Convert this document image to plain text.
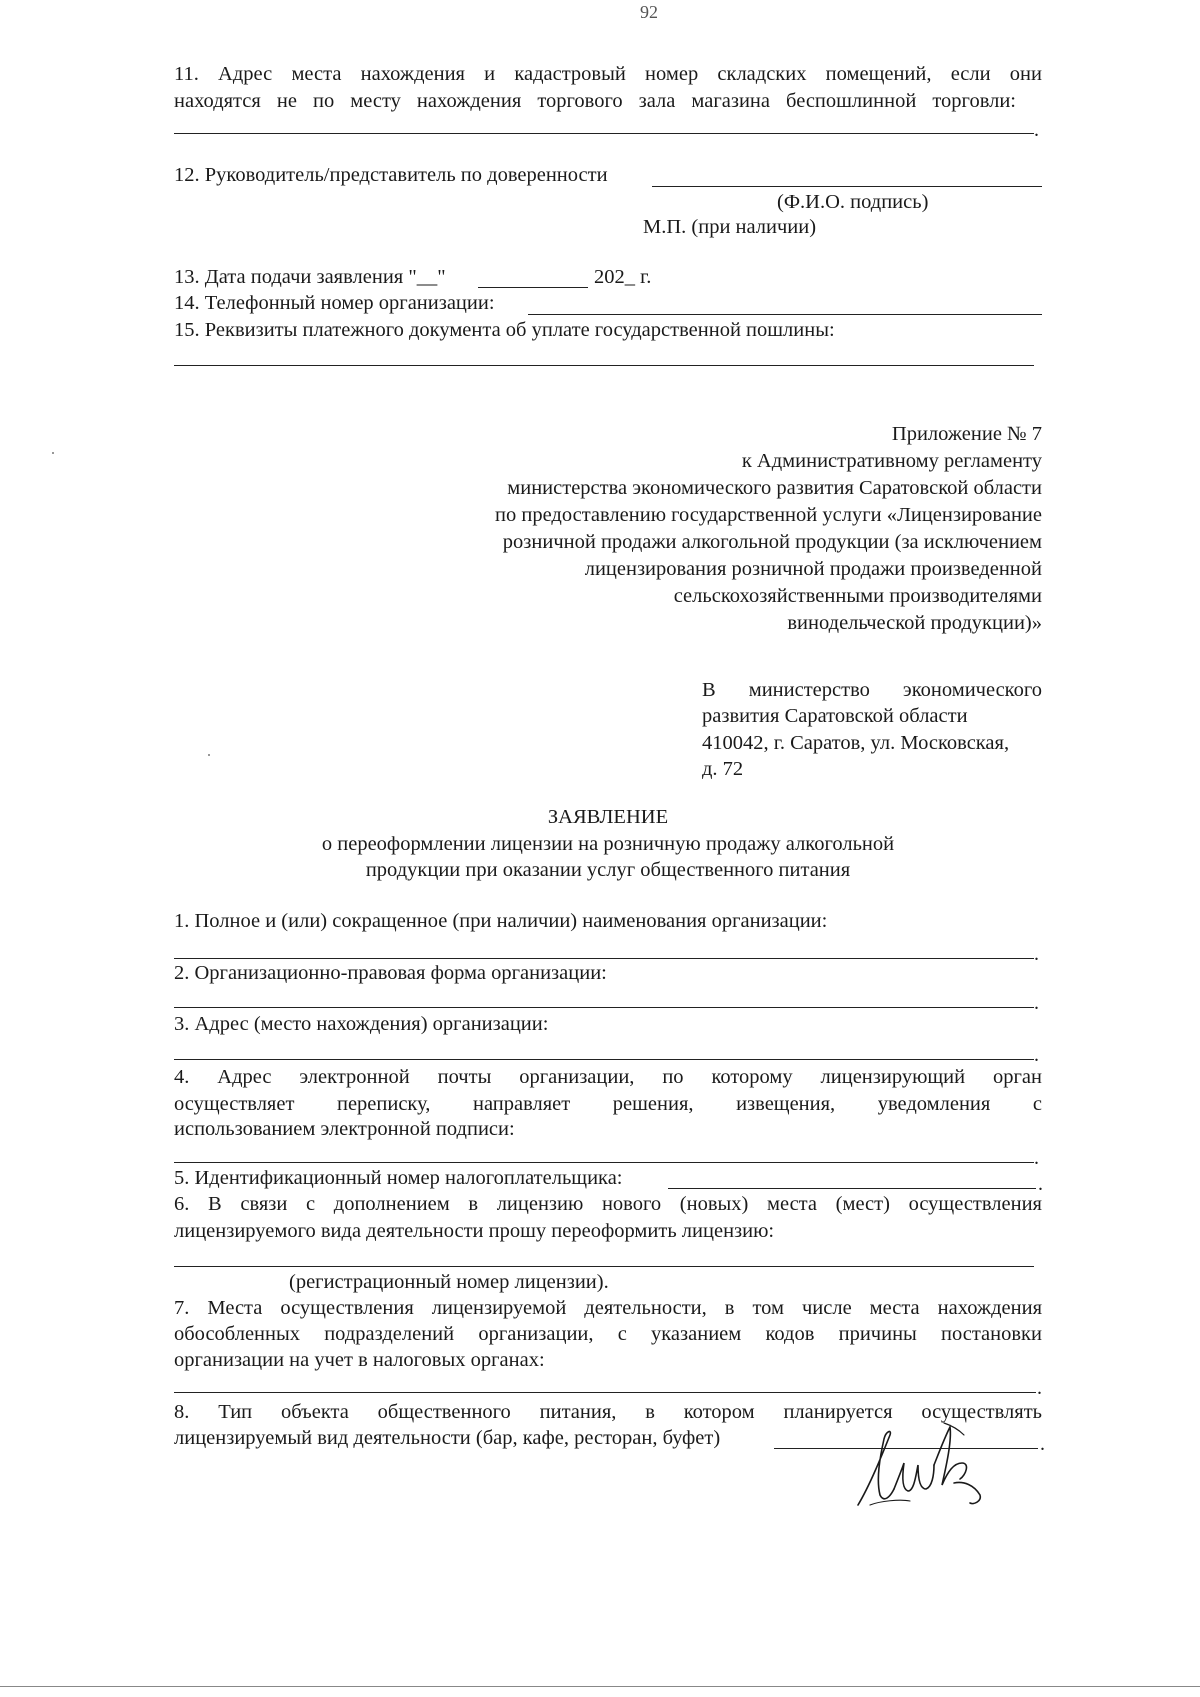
92
11. Адрес места нахождения и кадастровый номер складских помещений, если они
находятся не по месту нахождения торгового зала магазина беспошлинной торговли:
.
12. Руководитель/представитель по доверенности
(Ф.И.О. подпись)
М.П. (при наличии)
13. Дата подачи заявления "__"	202_ г.
14. Телефонный номер организации:
15. Реквизиты платежного документа об уплате государственной пошлины:
Приложение № 7
к Административному регламенту
министерства экономического развития Саратовской области
по предоставлению государственной услуги «Лицензирование
розничной продажи алкогольной продукции (за исключением
лицензирования розничной продажи произведенной
сельскохозяйственными производителями
винодельческой продукции)»
В министерство экономического
развития Саратовской области
410042, г. Саратов, ул. Московская,
д. 72
ЗАЯВЛЕНИЕ
о переоформлении лицензии на розничную продажу алкогольной
продукции при оказании услуг общественного питания
1. Полное и (или) сокращенное (при наличии) наименования организации:
.
2. Организационно-правовая форма организации:
.
3. Адрес (место нахождения) организации:
.
4. Адрес электронной почты организации, по которому лицензирующий орган
осуществляет переписку, направляет решения, извещения, уведомления с
использованием электронной подписи:
.
5. Идентификационный номер налогоплательщика:	.
6. В связи с дополнением в лицензию нового (новых) места (мест) осуществления
лицензируемого вида деятельности прошу переоформить лицензию:
(регистрационный номер лицензии).
7. Места осуществления лицензируемой деятельности, в том числе места нахождения
обособленных подразделений организации, с указанием кодов причины постановки
организации на учет в налоговых органах:
.
8. Тип объекта общественного питания, в котором планируется осуществлять
лицензируемый вид деятельности (бар, кафе, ресторан, буфет)	.
